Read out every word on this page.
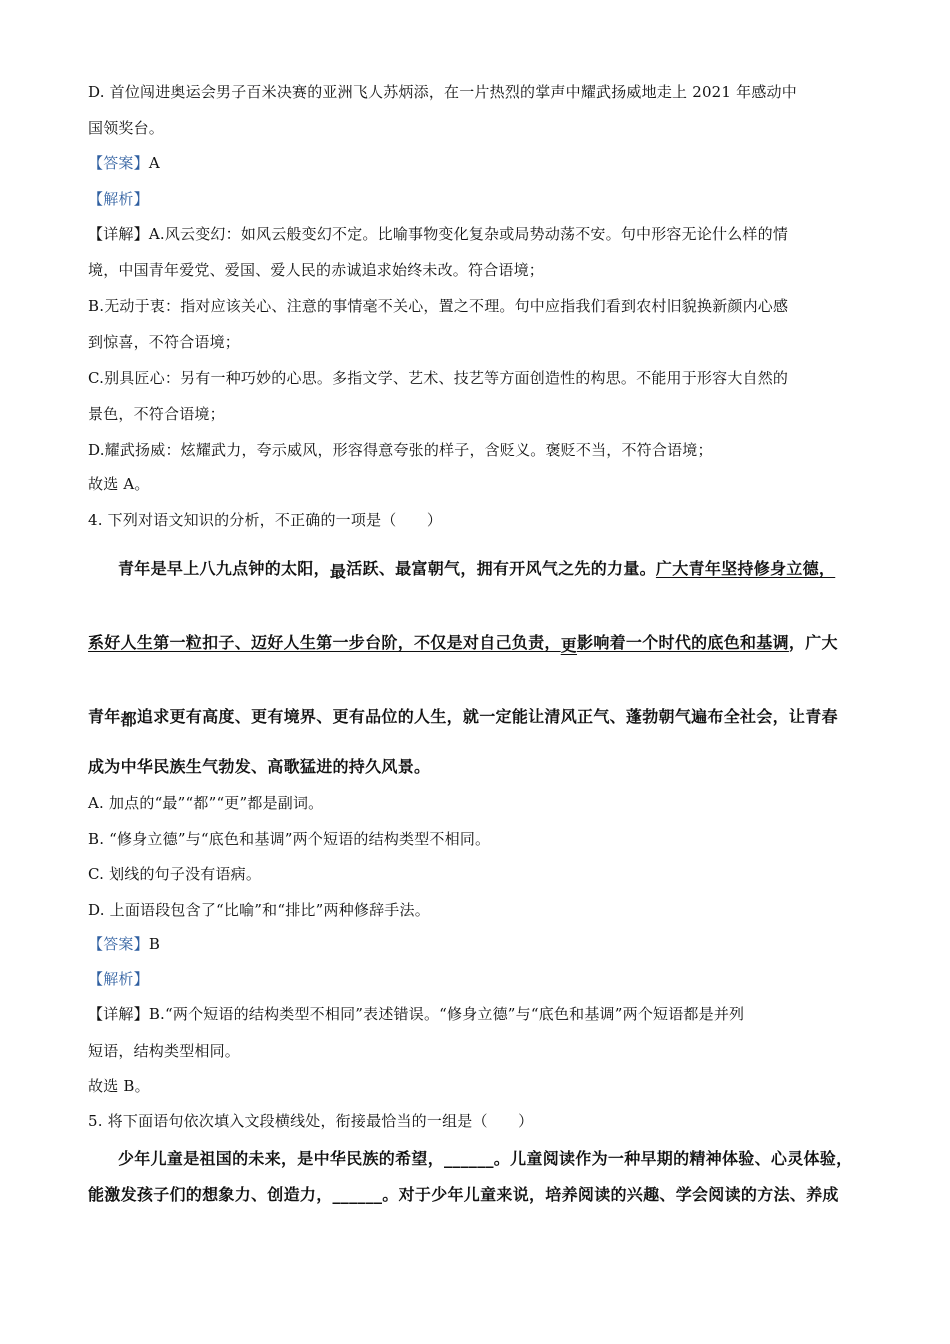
D. 首位闯进奥运会男子百米决赛的亚洲飞人苏炳添，在一片热烈的掌声中耀武扬威地走上 2021 年感动中
国领奖台。
【答案】A
【解析】
【详解】A.风云变幻：如风云般变幻不定。比喻事物变化复杂或局势动荡不安。句中形容无论什么样的情
境，中国青年爱党、爱国、爱人民的赤诚追求始终未改。符合语境；
B.无动于衷：指对应该关心、注意的事情毫不关心，置之不理。句中应指我们看到农村旧貌换新颜内心感
到惊喜，不符合语境；
C.别具匠心：另有一种巧妙的心思。多指文学、艺术、技艺等方面创造性的构思。不能用于形容大自然的
景色，不符合语境；
D.耀武扬威：炫耀武力，夸示威风，形容得意夸张的样子，含贬义。褒贬不当，不符合语境；
故选 A。
4. 下列对语文知识的分析，不正确的一项是（　　）
青年是早上八九点钟的太阳，最活跃、最富朝气，拥有开风气之先的力量。广大青年坚持修身立德，
系好人生第一粒扣子、迈好人生第一步台阶，不仅是对自己负责，更影响着一个时代的底色和基调，广大
青年都追求更有高度、更有境界、更有品位的人生，就一定能让清风正气、蓬勃朝气遍布全社会，让青春
成为中华民族生气勃发、高歌猛进的持久风景。
A. 加点的“最”“都”“更”都是副词。
B. “修身立德”与“底色和基调”两个短语的结构类型不相同。
C. 划线的句子没有语病。
D. 上面语段包含了“比喻”和“排比”两种修辞手法。
【答案】B
【解析】
【详解】B.“两个短语的结构类型不相同”表述错误。“修身立德”与“底色和基调”两个短语都是并列
短语，结构类型相同。
故选 B。
5. 将下面语句依次填入文段横线处，衔接最恰当的一组是（　　）
少年儿童是祖国的未来，是中华民族的希望，______。儿童阅读作为一种早期的精神体验、心灵体验，
能激发孩子们的想象力、创造力，______。对于少年儿童来说，培养阅读的兴趣、学会阅读的方法、养成
